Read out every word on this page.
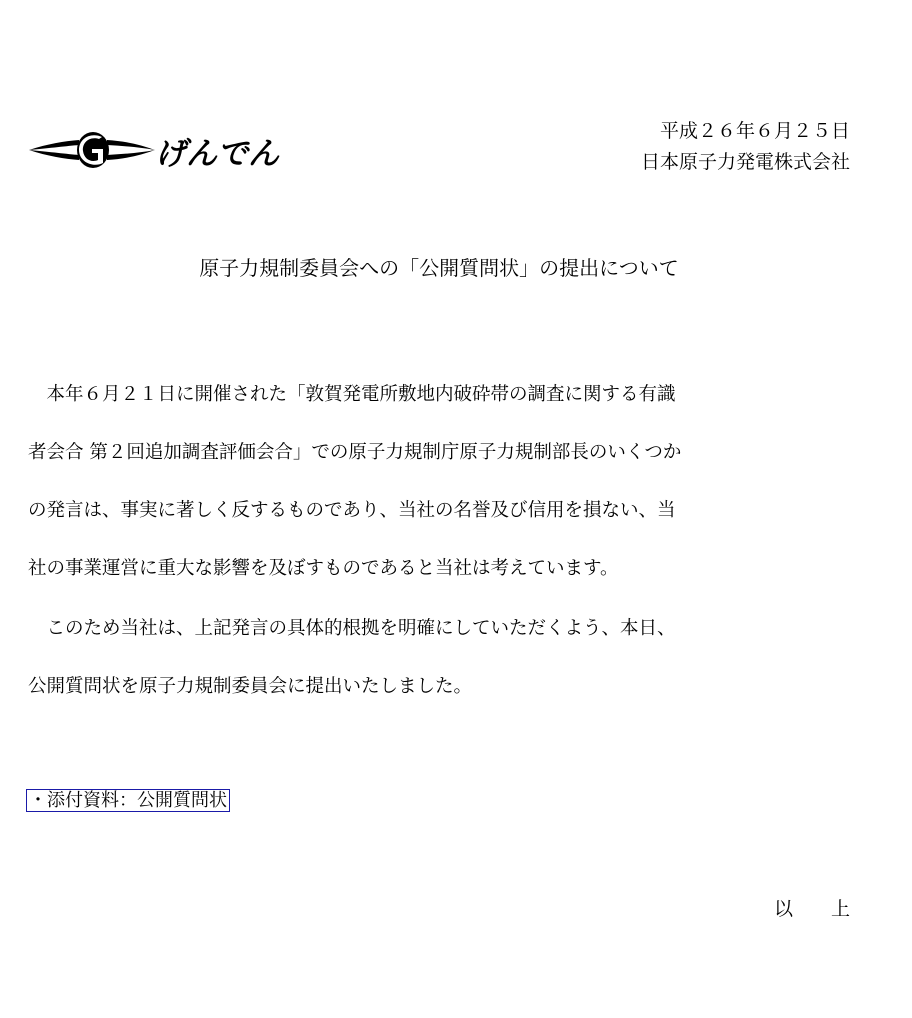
げんでん
平成２６年６月２５日
日本原子力発電株式会社
原子力規制委員会への「公開質問状」の提出について
　本年６月２１日に開催された「敦賀発電所敷地内破砕帯の調査に関する有識
者会合 第２回追加調査評価会合」での原子力規制庁原子力規制部長のいくつか
の発言は、事実に著しく反するものであり、当社の名誉及び信用を損ない、当
社の事業運営に重大な影響を及ぼすものであると当社は考えています。
　このため当社は、上記発言の具体的根拠を明確にしていただくよう、本日、
公開質問状を原子力規制委員会に提出いたしました。
・添付資料：公開質問状
以　　上
